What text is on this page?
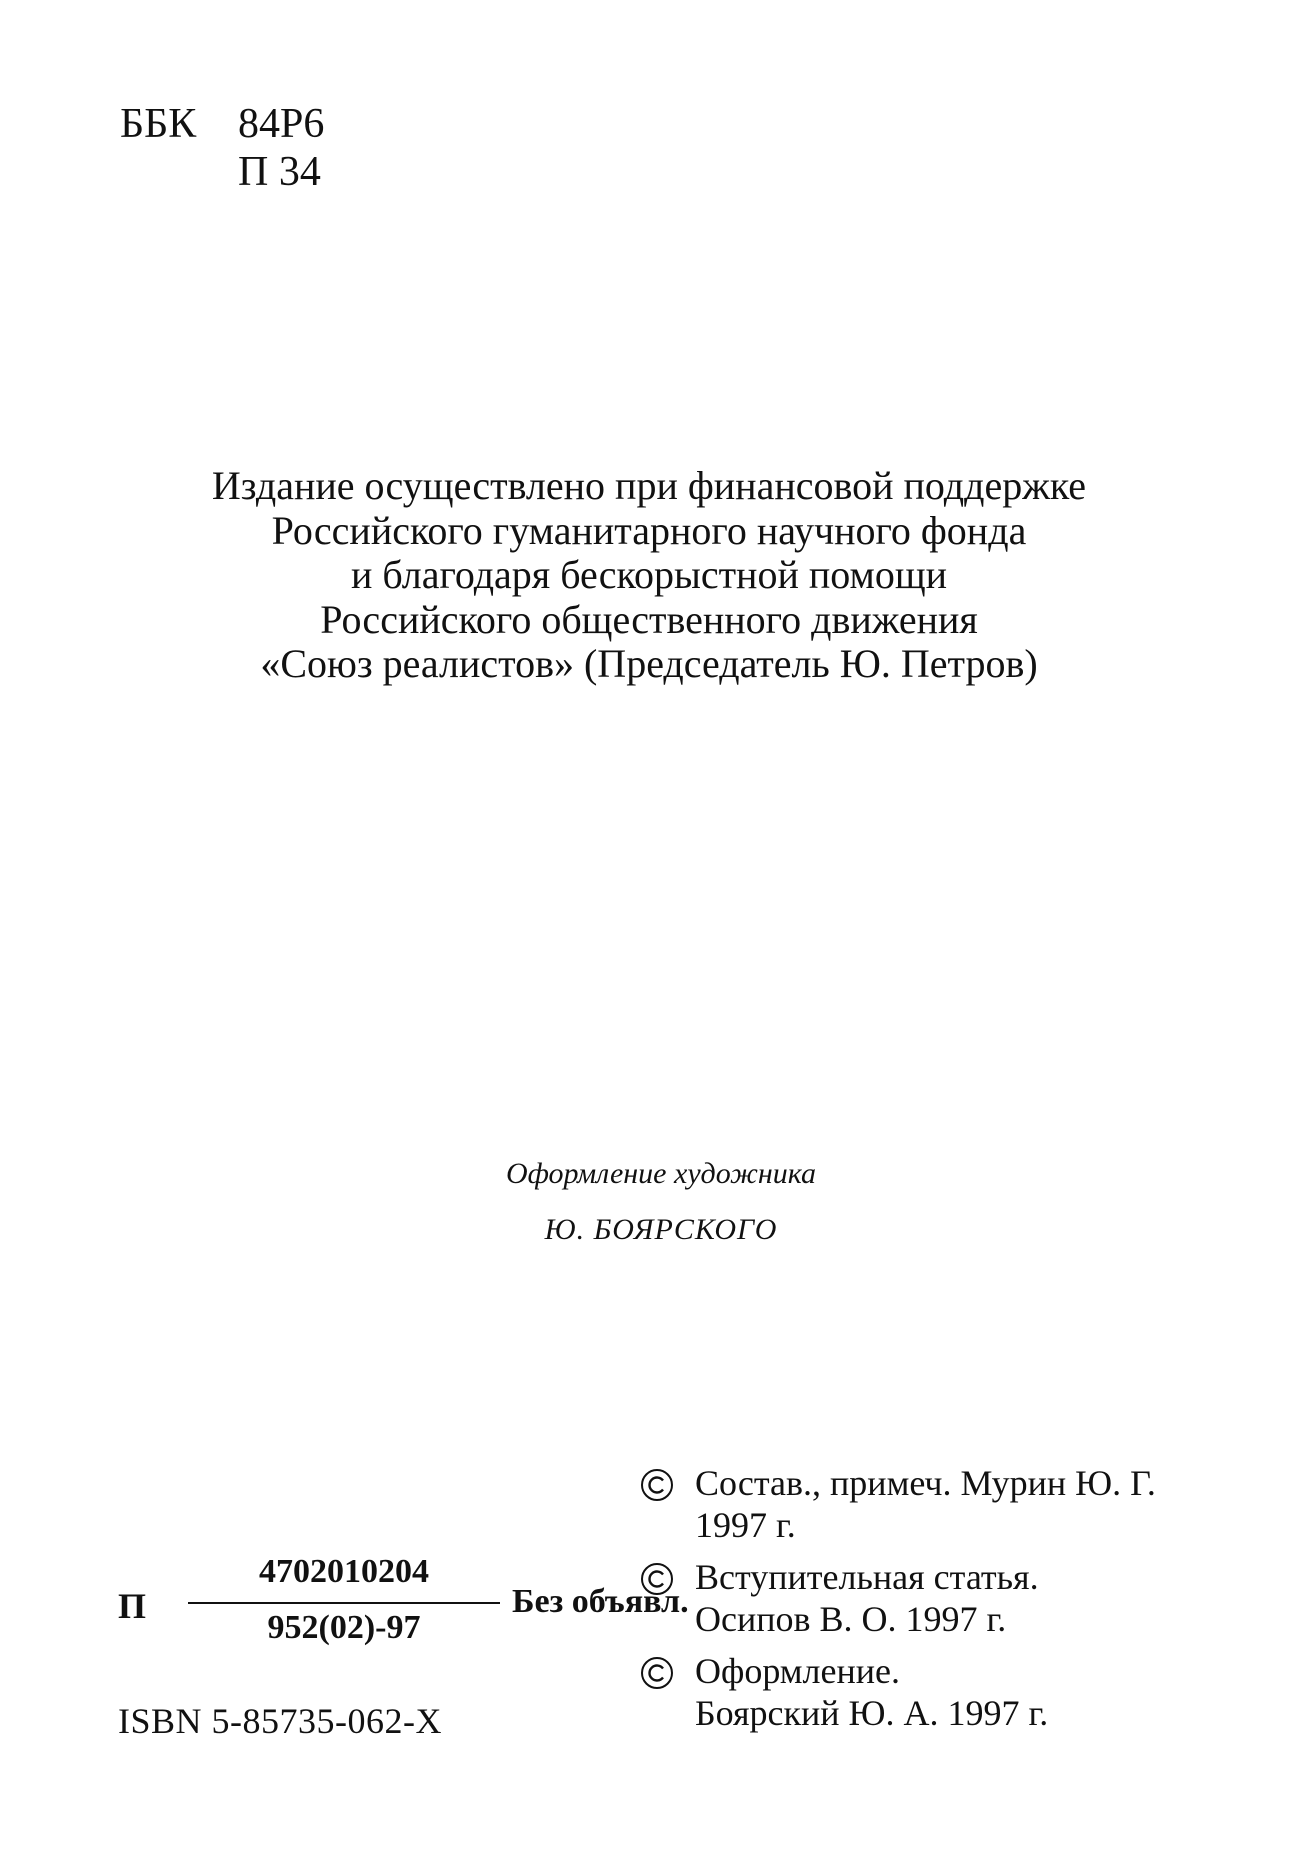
ББК 84Р6
П 34
Издание осуществлено при финансовой поддержке
Российского гуманитарного научного фонда
и благодаря бескорыстной помощи
Российского общественного движения
«Союз реалистов» (Председатель Ю. Петров)
Оформление художника
Ю. БОЯРСКОГО
П
4702010204
952(02)-97
Без объявл.
ISBN 5-85735-062-X
Состав., примеч. Мурин Ю. Г.
1997 г.
Вступительная статья.
Осипов В. О. 1997 г.
Оформление.
Боярский Ю. А. 1997 г.
